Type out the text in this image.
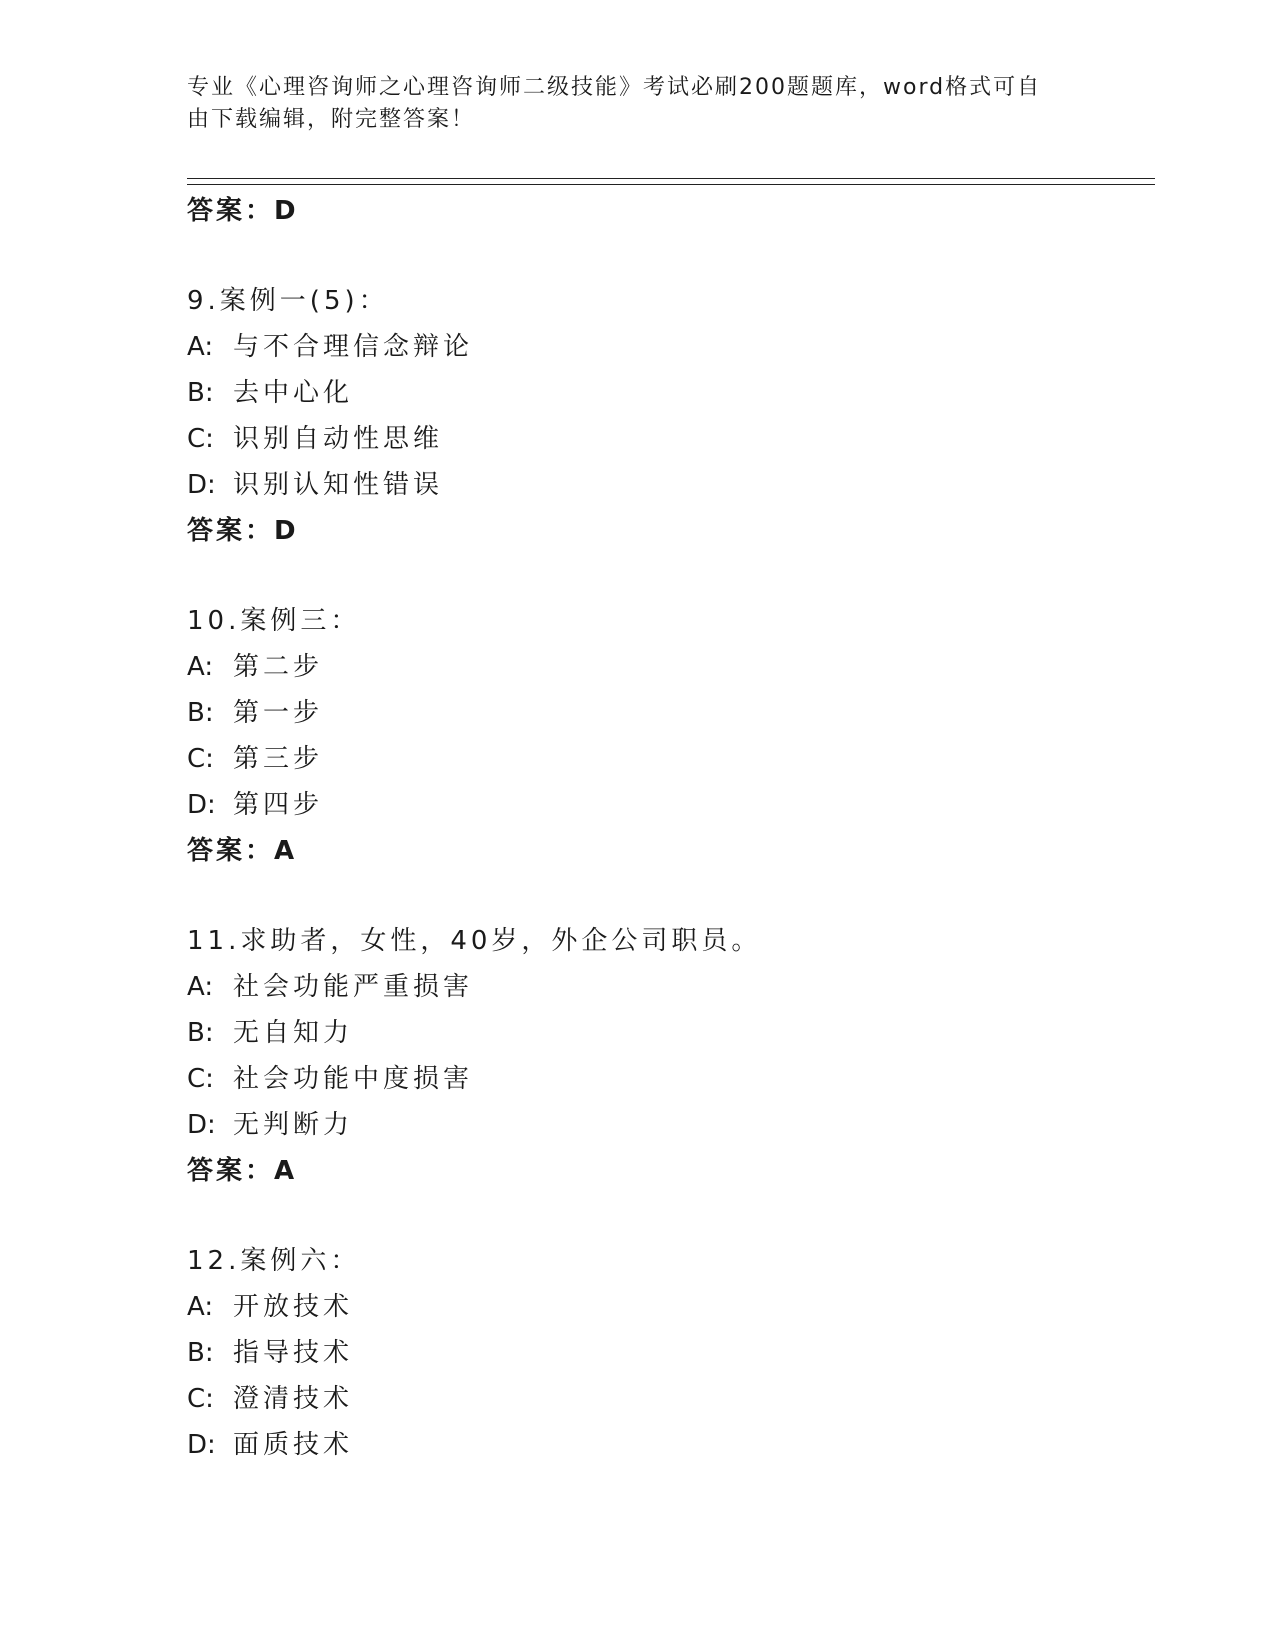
专业《心理咨询师之心理咨询师二级技能》考试必刷200题题库，word格式可自
由下载编辑，附完整答案！
答案：D
9.案例一(5)：
A: 与不合理信念辩论
B: 去中心化
C: 识别自动性思维
D: 识别认知性错误
答案：D
10.案例三：
A: 第二步
B: 第一步
C: 第三步
D: 第四步
答案：A
11.求助者，女性，40岁，外企公司职员。
A: 社会功能严重损害
B: 无自知力
C: 社会功能中度损害
D: 无判断力
答案：A
12.案例六：
A: 开放技术
B: 指导技术
C: 澄清技术
D: 面质技术
